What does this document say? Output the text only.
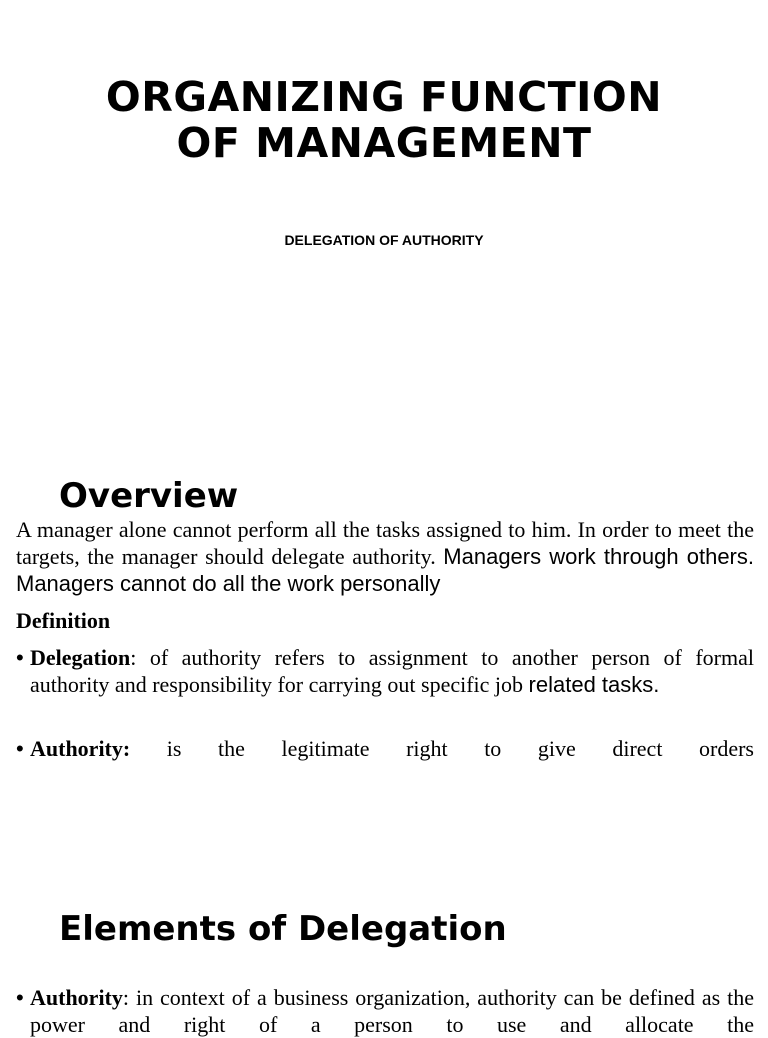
ORGANIZING FUNCTION
OF MANAGEMENT
DELEGATION OF AUTHORITY
Overview
A manager alone cannot perform all the tasks assigned to him. In order to meet the targets, the manager should delegate authority. Managers work through others. Managers cannot do all the work personally
Definition
• Delegation: of authority refers to assignment to another person of formal authority and responsibility for carrying out specific job related tasks.
• Authority: is the legitimate right to give direct orders
Elements of Delegation
• Authority: in context of a business organization, authority can be defined as the power and right of a person to use and allocate the
